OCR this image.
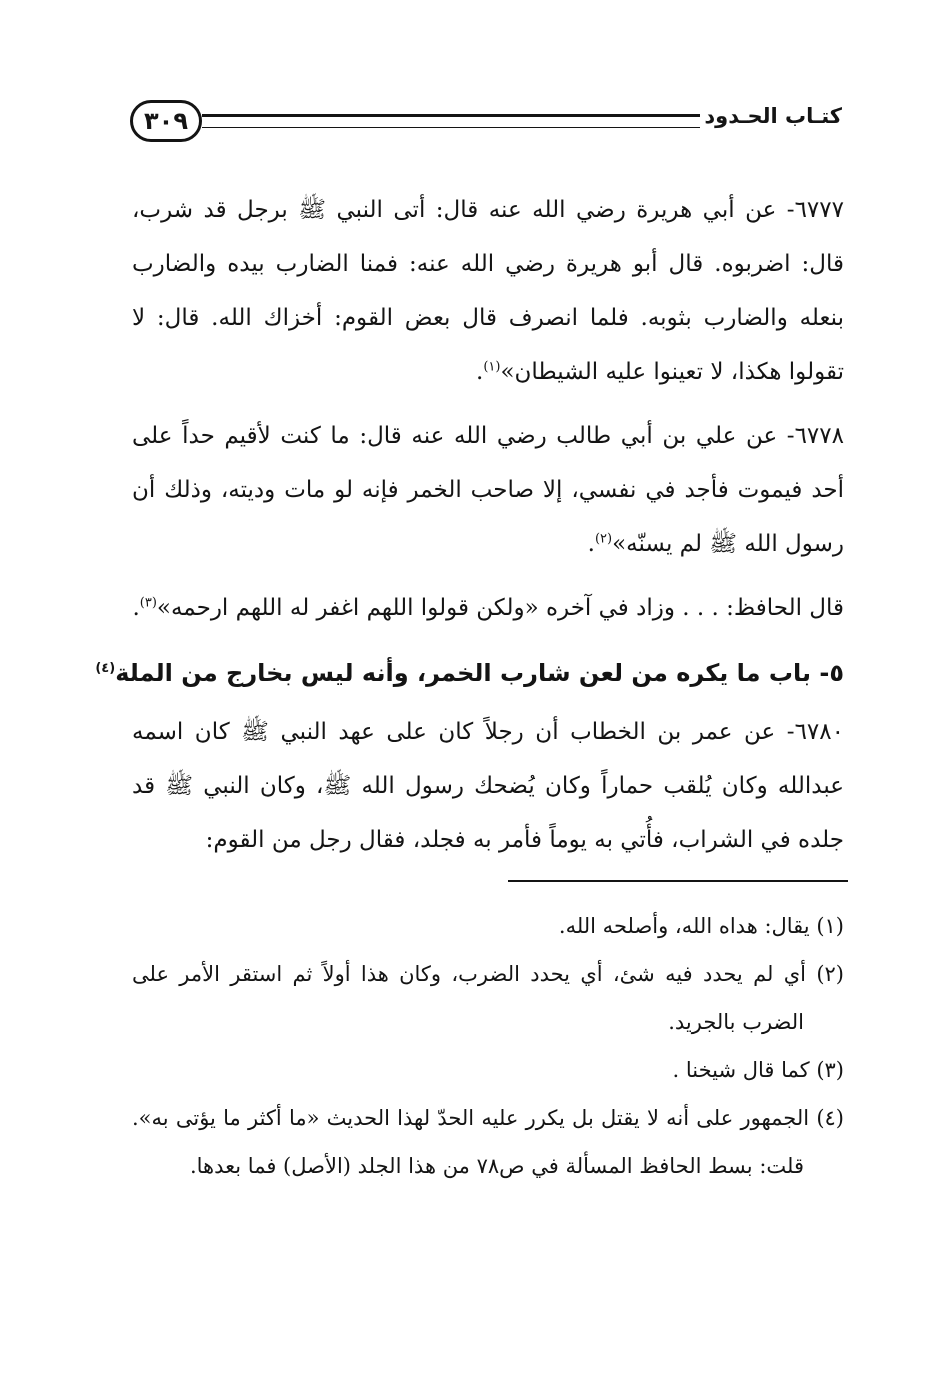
٣٠٩	كتـاب الحـدود

٦٧٧٧- عن أبي هريرة رضي الله عنه قال: أتى النبي ﷺ برجل قد شرب، قال: اضربوه. قال أبو هريرة رضي الله عنه: فمنا الضارب بيده والضارب بنعله والضارب بثوبه. فلما انصرف قال بعض القوم: أخزاك الله. قال: لا تقولوا هكذا، لا تعينوا عليه الشيطان»$^{(١)}$.

٦٧٧٨- عن علي بن أبي طالب رضي الله عنه قال: ما كنت لأقيم حداً على أحد فيموت فأجد في نفسي، إلا صاحب الخمر فإنه لو مات وديته، وذلك أن رسول الله ﷺ لم يسنّه»$^{(٢)}$.

قال الحافظ: . . . وزاد في آخره «ولكن قولوا اللهم اغفر له اللهم ارحمه»$^{(٣)}$.

٥- باب ما يكره من لعن شارب الخمر، وأنه ليس بخارج من الملة$^{(٤)}$

٦٧٨٠- عن عمر بن الخطاب أن رجلاً كان على عهد النبي ﷺ كان اسمه عبدالله وكان يُلقب حماراً وكان يُضحك رسول الله ﷺ، وكان النبي ﷺ قد جلده في الشراب، فأُتي به يوماً فأمر به فجلد، فقال رجل من القوم:

(١) يقال: هداه الله، وأصلحه الله.

(٢) أي لم يحدد فيه شئ، أي يحدد الضرب، وكان هذا أولاً ثم استقر الأمر على الضرب بالجريد.

(٣) كما قال شيخنا .

(٤) الجمهور على أنه لا يقتل بل يكرر عليه الحدّ لهذا الحديث «ما أكثر ما يؤتى به». قلت: بسط الحافظ المسألة في ص٧٨ من هذا الجلد (الأصل) فما بعدها.
